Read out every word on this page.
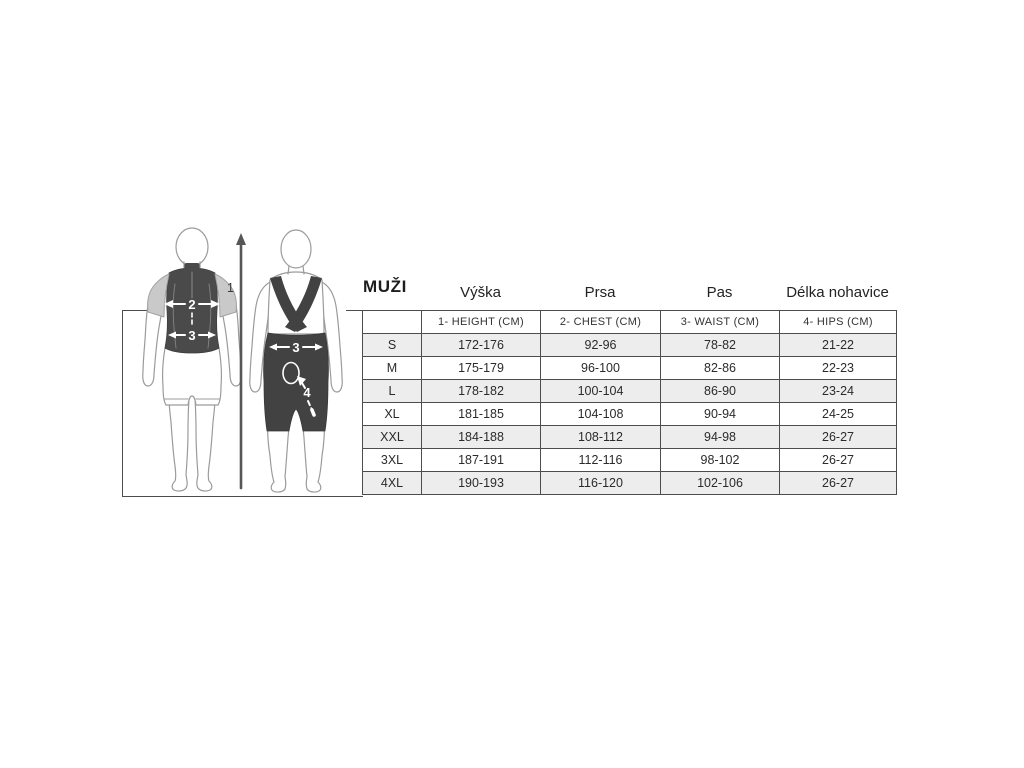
MUŽI	Výška	Prsa	Pas	Délka nohavice
	1- HEIGHT (CM)	2- CHEST (CM)	3- WAIST (CM)	4- HIPS (CM)
S	172-176	92-96	78-82	21-22
M	175-179	96-100	82-86	22-23
L	178-182	100-104	86-90	23-24
XL	181-185	104-108	90-94	24-25
XXL	184-188	108-112	94-98	26-27
3XL	187-191	112-116	98-102	26-27
4XL	190-193	116-120	102-106	26-27
2
3
1
3
4
